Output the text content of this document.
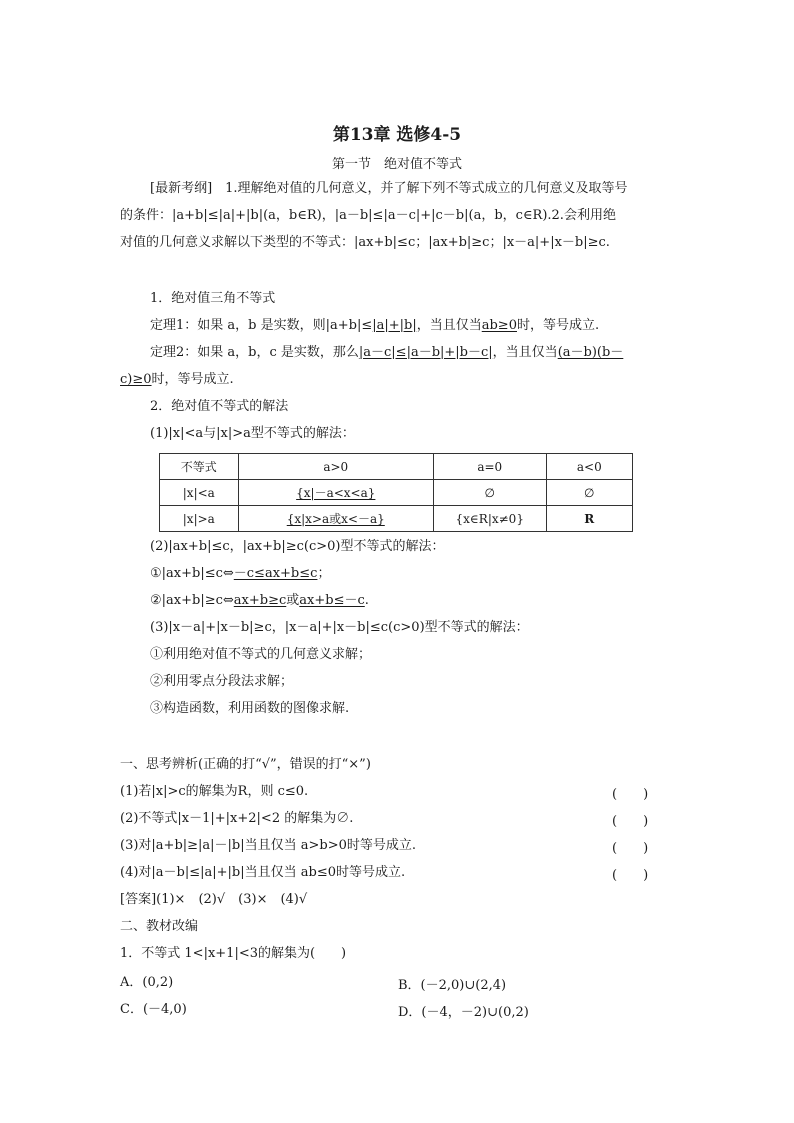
第13章 选修4-5
第一节　绝对值不等式
[最新考纲]　1.理解绝对值的几何意义，并了解下列不等式成立的几何意义及取等号
的条件：|a+b|≤|a|+|b|(a，b∈R)，|a－b|≤|a－c|+|c－b|(a，b，c∈R).2.会利用绝
对值的几何意义求解以下类型的不等式：|ax+b|≤c；|ax+b|≥c；|x－a|+|x－b|≥c.
1．绝对值三角不等式
定理1：如果 a，b 是实数，则|a+b|≤|a|+|b|，当且仅当ab≥0时，等号成立.
定理2：如果 a，b，c 是实数，那么|a－c|≤|a－b|+|b－c|，当且仅当(a－b)(b－
c)≥0时，等号成立.
2．绝对值不等式的解法
(1)|x|<a与|x|>a型不等式的解法：
不等式	a>0	a=0	a<0
|x|<a	{x|－a<x<a}	∅	∅
|x|>a	{x|x>a或x<－a}	{x∈R|x≠0}	R
(2)|ax+b|≤c，|ax+b|≥c(c>0)型不等式的解法：
①|ax+b|≤c⇔－c≤ax+b≤c；
②|ax+b|≥c⇔ax+b≥c或ax+b≤－c.
(3)|x－a|+|x－b|≥c，|x－a|+|x－b|≤c(c>0)型不等式的解法：
①利用绝对值不等式的几何意义求解；
②利用零点分段法求解；
③构造函数，利用函数的图像求解.
一、思考辨析(正确的打“√”，错误的打“×”)
(1)若|x|>c的解集为R，则 c≤0.	(　　)
(2)不等式|x－1|+|x+2|<2 的解集为∅.	(　　)
(3)对|a+b|≥|a|－|b|当且仅当 a>b>0时等号成立.	(　　)
(4)对|a－b|≤|a|+|b|当且仅当 ab≤0时等号成立.	(　　)
[答案](1)×　(2)√　(3)×　(4)√
二、教材改编
1．不等式 1<|x+1|<3的解集为(　　)
A．(0,2)	B．(－2,0)∪(2,4)
C．(－4,0)	D．(－4，－2)∪(0,2)
